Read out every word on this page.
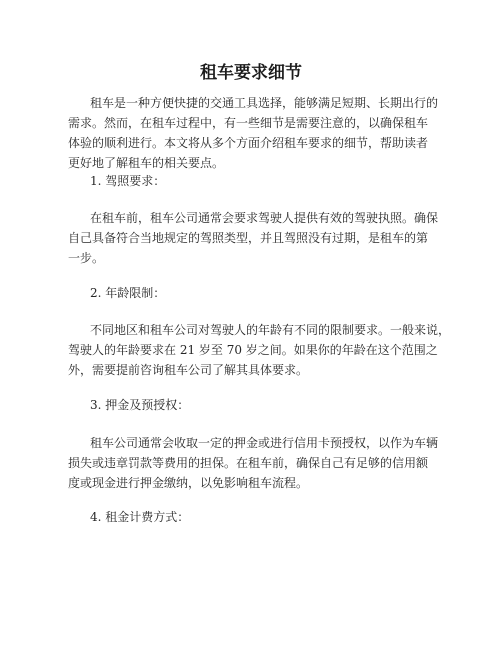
租车要求细节
租车是一种方便快捷的交通工具选择，能够满足短期、长期出行的
需求。然而，在租车过程中，有一些细节是需要注意的，以确保租车
体验的顺利进行。本文将从多个方面介绍租车要求的细节，帮助读者
更好地了解租车的相关要点。
1. 驾照要求：
在租车前，租车公司通常会要求驾驶人提供有效的驾驶执照。确保
自己具备符合当地规定的驾照类型，并且驾照没有过期，是租车的第
一步。
2. 年龄限制：
不同地区和租车公司对驾驶人的年龄有不同的限制要求。一般来说，
驾驶人的年龄要求在 21 岁至 70 岁之间。如果你的年龄在这个范围之
外，需要提前咨询租车公司了解其具体要求。
3. 押金及预授权：
租车公司通常会收取一定的押金或进行信用卡预授权，以作为车辆
损失或违章罚款等费用的担保。在租车前，确保自己有足够的信用额
度或现金进行押金缴纳，以免影响租车流程。
4. 租金计费方式：
